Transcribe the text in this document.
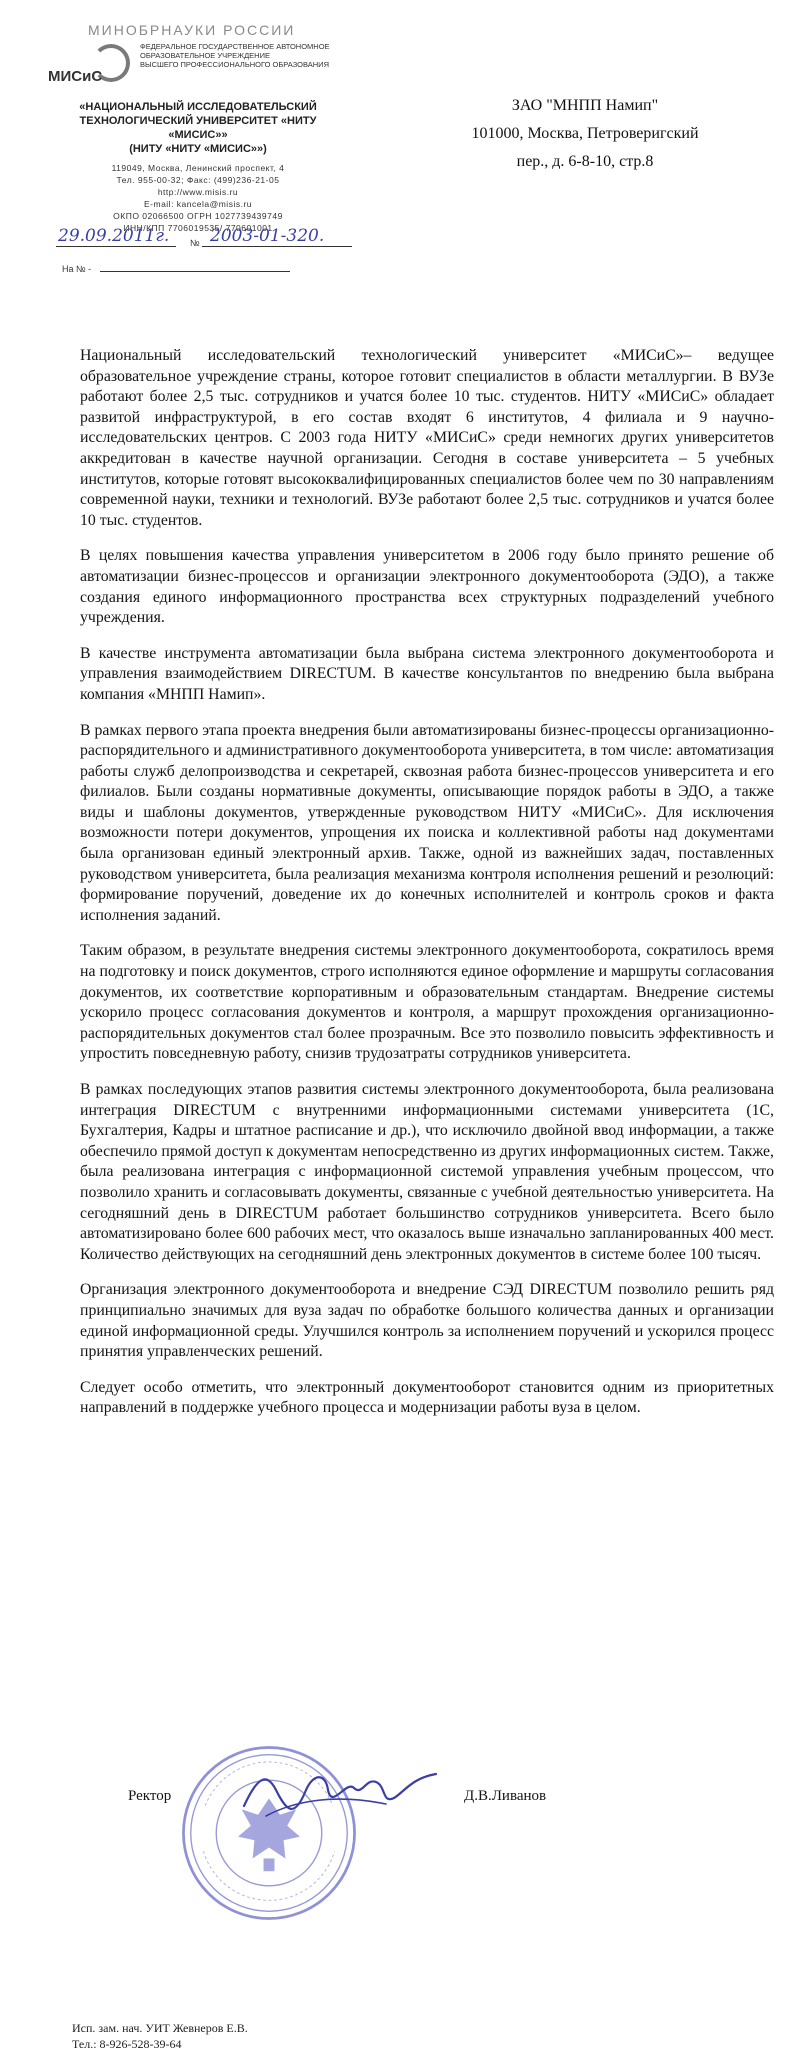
МИНОБРНАУКИ РОССИИ
МИСиС
ФЕДЕРАЛЬНОЕ ГОСУДАРСТВЕННОЕ АВТОНОМНОЕ
ОБРАЗОВАТЕЛЬНОЕ УЧРЕЖДЕНИЕ
ВЫСШЕГО ПРОФЕССИОНАЛЬНОГО ОБРАЗОВАНИЯ
«НАЦИОНАЛЬНЫЙ ИССЛЕДОВАТЕЛЬСКИЙ
ТЕХНОЛОГИЧЕСКИЙ УНИВЕРСИТЕТ «НИТУ
«МИСИС»»
(НИТУ «НИТУ «МИСИС»»)
119049, Москва, Ленинский проспект, 4
Тел. 955-00-32; Факс: (499)236-21-05
http://www.misis.ru
E-mail: kancela@misis.ru
ОКПО 02066500 ОГРН 1027739439749
ИНН/КПП 7706019535/ 770601001
29.09.2011г. № 2003-01-320.
На № -
ЗАО "МНПП Намип"
101000, Москва, Петроверигский
пер., д. 6-8-10, стр.8

Национальный исследовательский технологический университет «МИСиС»– ведущее образовательное учреждение страны, которое готовит специалистов в области металлургии. В ВУЗе работают более 2,5 тыс. сотрудников и учатся более 10 тыс. студентов. НИТУ «МИСиС» обладает развитой инфраструктурой, в его состав входят 6 институтов, 4 филиала и 9 научно-исследовательских центров. С 2003 года НИТУ «МИСиС» среди немногих других университетов аккредитован в качестве научной организации. Сегодня в составе университета – 5 учебных институтов, которые готовят высококвалифицированных специалистов более чем по 30 направлениям современной науки, техники и технологий. ВУЗе работают более 2,5 тыс. сотрудников и учатся более 10 тыс. студентов.

В целях повышения качества управления университетом в 2006 году было принято решение об автоматизации бизнес-процессов и организации электронного документооборота (ЭДО), а также создания единого информационного пространства всех структурных подразделений учебного учреждения.

В качестве инструмента автоматизации была выбрана система электронного документооборота и управления взаимодействием DIRECTUM. В качестве консультантов по внедрению была выбрана компания «МНПП Намип».

В рамках первого этапа проекта внедрения были автоматизированы бизнес-процессы организационно-распорядительного и административного документооборота университета, в том числе: автоматизация работы служб делопроизводства и секретарей, сквозная работа бизнес-процессов университета и его филиалов. Были созданы нормативные документы, описывающие порядок работы в ЭДО, а также виды и шаблоны документов, утвержденные руководством НИТУ «МИСиС». Для исключения возможности потери документов, упрощения их поиска и коллективной работы над документами была организован единый электронный архив. Также, одной из важнейших задач, поставленных руководством университета, была реализация механизма контроля исполнения решений и резолюций: формирование поручений, доведение их до конечных исполнителей и контроль сроков и факта исполнения заданий.

Таким образом, в результате внедрения системы электронного документооборота, сократилось время на подготовку и поиск документов, строго исполняются единое оформление и маршруты согласования документов, их соответствие корпоративным и образовательным стандартам. Внедрение системы ускорило процесс согласования документов и контроля, а маршрут прохождения организационно-распорядительных документов стал более прозрачным. Все это позволило повысить эффективность и упростить повседневную работу, снизив трудозатраты сотрудников университета.

В рамках последующих этапов развития системы электронного документооборота, была реализована интеграция DIRECTUM с внутренними информационными системами университета (1С, Бухгалтерия, Кадры и штатное расписание и др.), что исключило двойной ввод информации, а также обеспечило прямой доступ к документам непосредственно из других информационных систем. Также, была реализована интеграция с информационной системой управления учебным процессом, что позволило хранить и согласовывать документы, связанные с учебной деятельностью университета. На сегодняшний день в DIRECTUM работает большинство сотрудников университета. Всего было автоматизировано более 600 рабочих мест, что оказалось выше изначально запланированных 400 мест. Количество действующих на сегодняшний день электронных документов в системе более 100 тысяч.

Организация электронного документооборота и внедрение СЭД DIRECTUM позволило решить ряд принципиально значимых для вуза задач по обработке большого количества данных и организации единой информационной среды. Улучшился контроль за исполнением поручений и ускорился процесс принятия управленческих решений.

Следует особо отметить, что электронный документооборот становится одним из приоритетных направлений в поддержке учебного процесса и модернизации работы вуза в целом.

Ректор	Д.В.Ливанов
Исп. зам. нач. УИТ Жевнеров Е.В.
Тел.: 8-926-528-39-64
